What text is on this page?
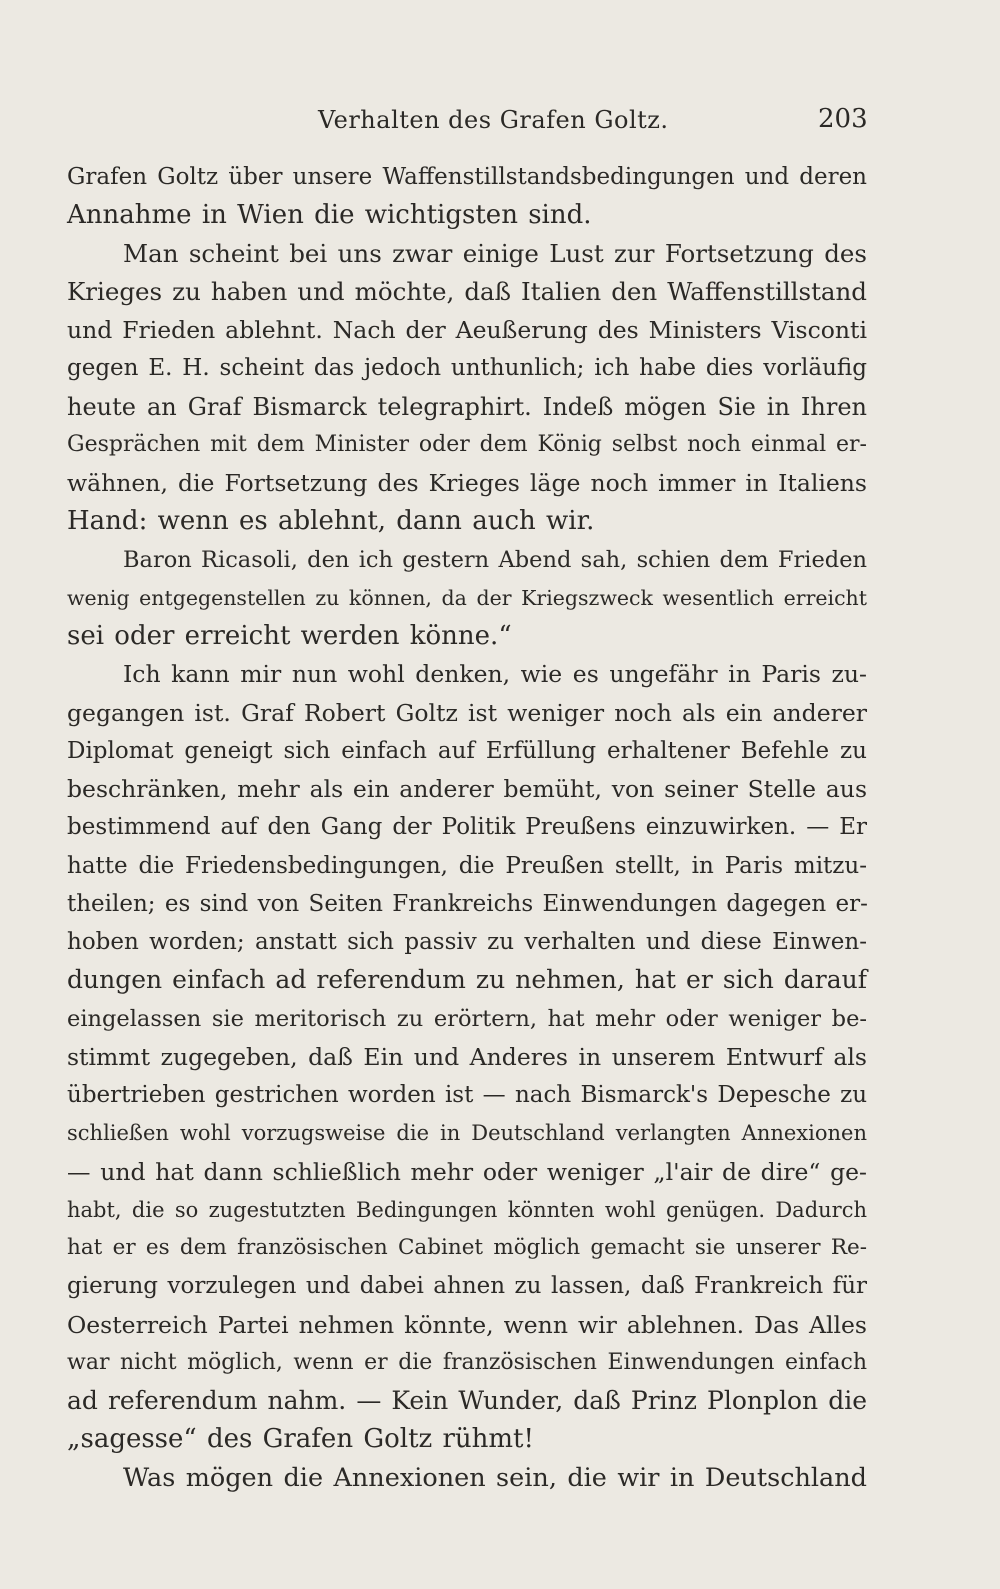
Verhalten des Grafen Goltz.	203
Grafen Goltz über unsere Waffenstillstandsbedingungen und deren
Annahme in Wien die wichtigsten sind.
Man scheint bei uns zwar einige Lust zur Fortsetzung des
Krieges zu haben und möchte, daß Italien den Waffenstillstand
und Frieden ablehnt. Nach der Aeußerung des Ministers Visconti
gegen E. H. scheint das jedoch unthunlich; ich habe dies vorläufig
heute an Graf Bismarck telegraphirt. Indeß mögen Sie in Ihren
Gesprächen mit dem Minister oder dem König selbst noch einmal er-
wähnen, die Fortsetzung des Krieges läge noch immer in Italiens
Hand: wenn es ablehnt, dann auch wir.
Baron Ricasoli, den ich gestern Abend sah, schien dem Frieden
wenig entgegenstellen zu können, da der Kriegszweck wesentlich erreicht
sei oder erreicht werden könne.“
Ich kann mir nun wohl denken, wie es ungefähr in Paris zu-
gegangen ist. Graf Robert Goltz ist weniger noch als ein anderer
Diplomat geneigt sich einfach auf Erfüllung erhaltener Befehle zu
beschränken, mehr als ein anderer bemüht, von seiner Stelle aus
bestimmend auf den Gang der Politik Preußens einzuwirken. — Er
hatte die Friedensbedingungen, die Preußen stellt, in Paris mitzu-
theilen; es sind von Seiten Frankreichs Einwendungen dagegen er-
hoben worden; anstatt sich passiv zu verhalten und diese Einwen-
dungen einfach ad referendum zu nehmen, hat er sich darauf
eingelassen sie meritorisch zu erörtern, hat mehr oder weniger be-
stimmt zugegeben, daß Ein und Anderes in unserem Entwurf als
übertrieben gestrichen worden ist — nach Bismarck's Depesche zu
schließen wohl vorzugsweise die in Deutschland verlangten Annexionen
— und hat dann schließlich mehr oder weniger „l'air de dire“ ge-
habt, die so zugestutzten Bedingungen könnten wohl genügen. Dadurch
hat er es dem französischen Cabinet möglich gemacht sie unserer Re-
gierung vorzulegen und dabei ahnen zu lassen, daß Frankreich für
Oesterreich Partei nehmen könnte, wenn wir ablehnen. Das Alles
war nicht möglich, wenn er die französischen Einwendungen einfach
ad referendum nahm. — Kein Wunder, daß Prinz Plonplon die
„sagesse“ des Grafen Goltz rühmt!
Was mögen die Annexionen sein, die wir in Deutschland
